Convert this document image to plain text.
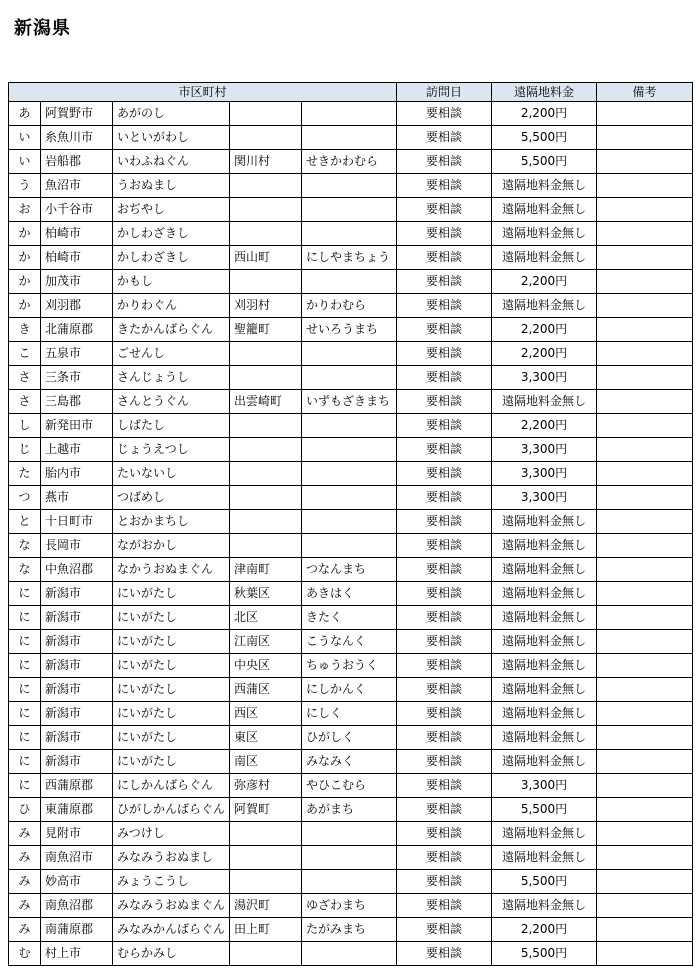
新潟県
市区町村					訪問日	遠隔地料金	備考
あ	阿賀野市	あがのし			要相談	2,200円	
い	糸魚川市	いといがわし			要相談	5,500円	
い	岩船郡	いわふねぐん	関川村	せきかわむら	要相談	5,500円	
う	魚沼市	うおぬまし			要相談	遠隔地料金無し	
お	小千谷市	おぢやし			要相談	遠隔地料金無し	
か	柏崎市	かしわざきし			要相談	遠隔地料金無し	
か	柏崎市	かしわざきし	西山町	にしやまちょう	要相談	遠隔地料金無し	
か	加茂市	かもし			要相談	2,200円	
か	刈羽郡	かりわぐん	刈羽村	かりわむら	要相談	遠隔地料金無し	
き	北蒲原郡	きたかんばらぐん	聖籠町	せいろうまち	要相談	2,200円	
こ	五泉市	ごせんし			要相談	2,200円	
さ	三条市	さんじょうし			要相談	3,300円	
さ	三島郡	さんとうぐん	出雲崎町	いずもざきまち	要相談	遠隔地料金無し	
し	新発田市	しばたし			要相談	2,200円	
じ	上越市	じょうえつし			要相談	3,300円	
た	胎内市	たいないし			要相談	3,300円	
つ	燕市	つばめし			要相談	3,300円	
と	十日町市	とおかまちし			要相談	遠隔地料金無し	
な	長岡市	ながおかし			要相談	遠隔地料金無し	
な	中魚沼郡	なかうおぬまぐん	津南町	つなんまち	要相談	遠隔地料金無し	
に	新潟市	にいがたし	秋葉区	あきはく	要相談	遠隔地料金無し	
に	新潟市	にいがたし	北区	きたく	要相談	遠隔地料金無し	
に	新潟市	にいがたし	江南区	こうなんく	要相談	遠隔地料金無し	
に	新潟市	にいがたし	中央区	ちゅうおうく	要相談	遠隔地料金無し	
に	新潟市	にいがたし	西蒲区	にしかんく	要相談	遠隔地料金無し	
に	新潟市	にいがたし	西区	にしく	要相談	遠隔地料金無し	
に	新潟市	にいがたし	東区	ひがしく	要相談	遠隔地料金無し	
に	新潟市	にいがたし	南区	みなみく	要相談	遠隔地料金無し	
に	西蒲原郡	にしかんばらぐん	弥彦村	やひこむら	要相談	3,300円	
ひ	東蒲原郡	ひがしかんばらぐん	阿賀町	あがまち	要相談	5,500円	
み	見附市	みつけし			要相談	遠隔地料金無し	
み	南魚沼市	みなみうおぬまし			要相談	遠隔地料金無し	
み	妙高市	みょうこうし			要相談	5,500円	
み	南魚沼郡	みなみうおぬまぐん	湯沢町	ゆざわまち	要相談	遠隔地料金無し	
み	南蒲原郡	みなみかんばらぐん	田上町	たがみまち	要相談	2,200円	
む	村上市	むらかみし			要相談	5,500円	
